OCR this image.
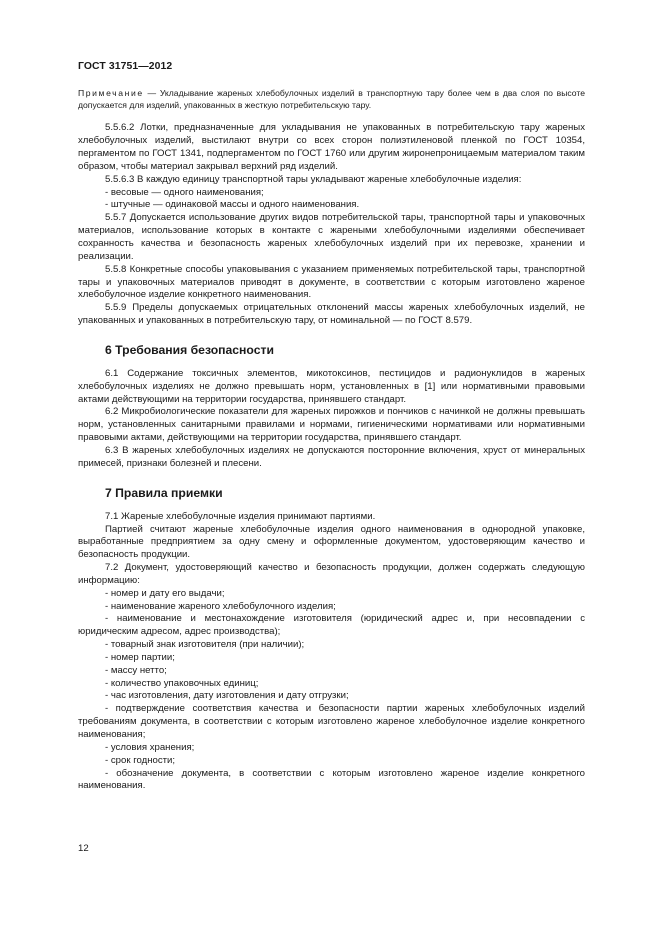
ГОСТ 31751—2012

Примечание — Укладывание жареных хлебобулочных изделий в транспортную тару более чем в два слоя по высоте допускается для изделий, упакованных в жесткую потребительскую тару.

5.5.6.2 Лотки, предназначенные для укладывания не упакованных в потребительскую тару жареных хлебобулочных изделий, выстилают внутри со всех сторон полиэтиленовой пленкой по ГОСТ 10354, пергаментом по ГОСТ 1341, подпергаментом по ГОСТ 1760 или другим жиронепроницаемым материалом таким образом, чтобы материал закрывал верхний ряд изделий.

5.5.6.3 В каждую единицу транспортной тары укладывают жареные хлебобулочные изделия:

- весовые — одного наименования;

- штучные — одинаковой массы и одного наименования.

5.5.7 Допускается использование других видов потребительской тары, транспортной тары и упаковочных материалов, использование которых в контакте с жареными хлебобулочными изделиями обеспечивает сохранность качества и безопасность жареных хлебобулочных изделий при их перевозке, хранении и реализации.

5.5.8 Конкретные способы упаковывания с указанием применяемых потребительской тары, транспортной тары и упаковочных материалов приводят в документе, в соответствии с которым изготовлено жареное хлебобулочное изделие конкретного наименования.

5.5.9 Пределы допускаемых отрицательных отклонений массы жареных хлебобулочных изделий, не упакованных и упакованных в потребительскую тару, от номинальной — по ГОСТ 8.579.

6 Требования безопасности

6.1 Содержание токсичных элементов, микотоксинов, пестицидов и радионуклидов в жареных хлебобулочных изделиях не должно превышать норм, установленных в [1] или нормативными правовыми актами действующими на территории государства, принявшего стандарт.

6.2 Микробиологические показатели для жареных пирожков и пончиков с начинкой не должны превышать норм, установленных санитарными правилами и нормами, гигиеническими нормативами или нормативными правовыми актами, действующими на территории государства, принявшего стандарт.

6.3 В жареных хлебобулочных изделиях не допускаются посторонние включения, хруст от минеральных примесей, признаки болезней и плесени.

7 Правила приемки

7.1 Жареные хлебобулочные изделия принимают партиями.

Партией считают жареные хлебобулочные изделия одного наименования в однородной упаковке, выработанные предприятием за одну смену и оформленные документом, удостоверяющим качество и безопасность продукции.

7.2 Документ, удостоверяющий качество и безопасность продукции, должен содержать следующую информацию:

- номер и дату его выдачи;

- наименование жареного хлебобулочного изделия;

- наименование и местонахождение изготовителя (юридический адрес и, при несовпадении с юридическим адресом, адрес производства);

- товарный знак изготовителя (при наличии);

- номер партии;

- массу нетто;

- количество упаковочных единиц;

- час изготовления, дату изготовления и дату отгрузки;

- подтверждение соответствия качества и безопасности партии жареных хлебобулочных изделий требованиям документа, в соответствии с которым изготовлено жареное хлебобулочное изделие конкретного наименования;

- условия хранения;

- срок годности;

- обозначение документа, в соответствии с которым изготовлено жареное изделие конкретного наименования.

12
